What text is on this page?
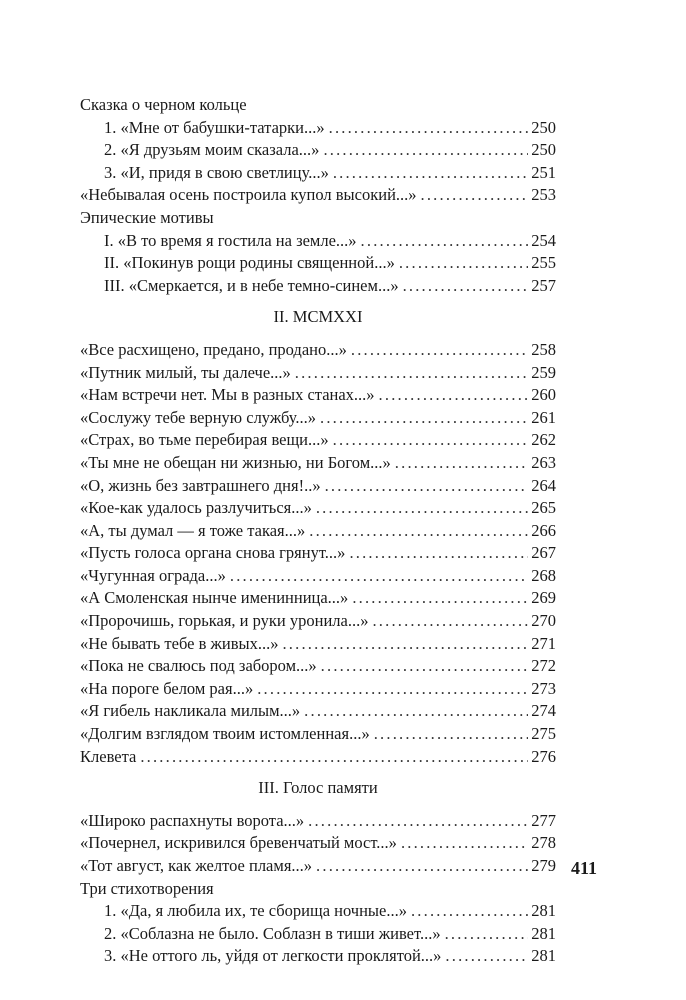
Сказка о черном кольце
1. «Мне от бабушки-татарки...» .....	250
2. «Я друзьям моим сказала...» .....	250
3. «И, придя в свою светлицу...» .....	251
«Небывалая осень построила купол высокий...» .....	253
Эпические мотивы
I. «В то время я гостила на земле...» .....	254
II. «Покинув рощи родины священной...» .....	255
III. «Смеркается, и в небе темно-синем...» .....	257
II. MCMXXI
«Все расхищено, предано, продано...» .....	258
«Путник милый, ты далече...» .....	259
«Нам встречи нет. Мы в разных станах...» .....	260
«Сослужу тебе верную службу...» .....	261
«Страх, во тьме перебирая вещи...» .....	262
«Ты мне не обещан ни жизнью, ни Богом...» .....	263
«О, жизнь без завтрашнего дня!..» .....	264
«Кое-как удалось разлучиться...» .....	265
«А, ты думал — я тоже такая...» .....	266
«Пусть голоса органа снова грянут...» .....	267
«Чугунная ограда...» .....	268
«А Смоленская нынче именинница...» .....	269
«Пророчишь, горькая, и руки уронила...» .....	270
«Не бывать тебе в живых...» .....	271
«Пока не свалюсь под забором...» .....	272
«На пороге белом рая...» .....	273
«Я гибель накликала милым...» .....	274
«Долгим взглядом твоим истомленная...» .....	275
Клевета .....	276
III. Голос памяти
«Широко распахнуты ворота...» .....	277
«Почернел, искривился бревенчатый мост...» .....	278
«Тот август, как желтое пламя...» .....	279
Три стихотворения
1. «Да, я любила их, те сборища ночные...» .....	281
2. «Соблазна не было. Соблазн в тиши живет...» .....	281
3. «Не оттого ль, уйдя от легкости проклятой...» .....	281
411
